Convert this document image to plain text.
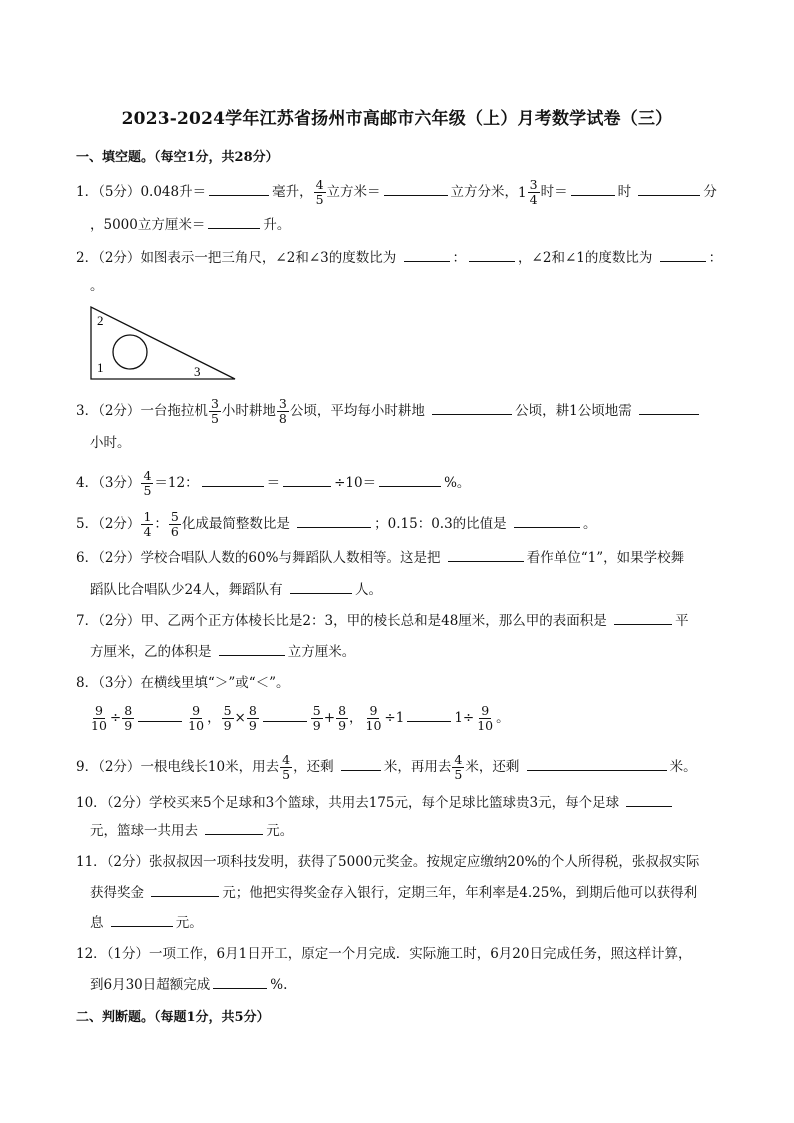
2023-2024学年江苏省扬州市高邮市六年级（上）月考数学试卷（三）
一、填空题。（每空1分，共28分）
1．（5分）0.048升＝	毫升， $\frac{4}{5}$ 立方米＝	立方分米， $1 \frac{3}{4}$ 时＝	时	分
，5000立方厘米＝	升。
2．（2分）如图表示一把三角尺，∠2和∠3的度数比为	：	，∠2和∠1的度数比为	：
。
2
1	3
3．（2分）一台拖拉机 $\frac{3}{5}$ 小时耕地 $\frac{3}{8}$ 公顷，平均每小时耕地	公顷，耕1公顷地需
小时。
4．（3分） $\frac{4}{5} =12$：	＝	÷10＝	%。
5．（2分） $\frac{1}{4}$ ： $\frac{5}{6}$ 化成最简整数比是	；0.15：0.3的比值是	。
6．（2分）学校合唱队人数的60%与舞蹈队人数相等。这是把	看作单位“1”，如果学校舞
蹈队比合唱队少24人，舞蹈队有	人。
7．（2分）甲、乙两个正方体棱长比是2：3，甲的棱长总和是48厘米，那么甲的表面积是	平
方厘米，乙的体积是	立方厘米。
8．（3分）在横线里填“＞”或“＜”。
$\frac{9}{10} \div \frac{8}{9}$	$\frac{9}{10}$ ， $\frac{5}{9} \times \frac{8}{9}$	$\frac{5}{9} + \frac{8}{9}$ ， $\frac{9}{10} \div 1$	$1\div \frac{9}{10}$ 。
9．（2分）一根电线长10米，用去 $\frac{4}{5}$ ，还剩	米，再用去 $\frac{4}{5}$ 米，还剩	米。
10．（2分）学校买来5个足球和3个篮球，共用去175元，每个足球比篮球贵3元，每个足球
元，篮球一共用去	元。
11．（2分）张叔叔因一项科技发明，获得了5000元奖金。按规定应缴纳20%的个人所得税，张叔叔实际
获得奖金	元；他把实得奖金存入银行，定期三年，年利率是4.25%，到期后他可以获得利
息	元。
12．（1分）一项工作，6月1日开工，原定一个月完成．实际施工时，6月20日完成任务，照这样计算，
到6月30日超额完成	%.
二、判断题。（每题1分，共5分）
